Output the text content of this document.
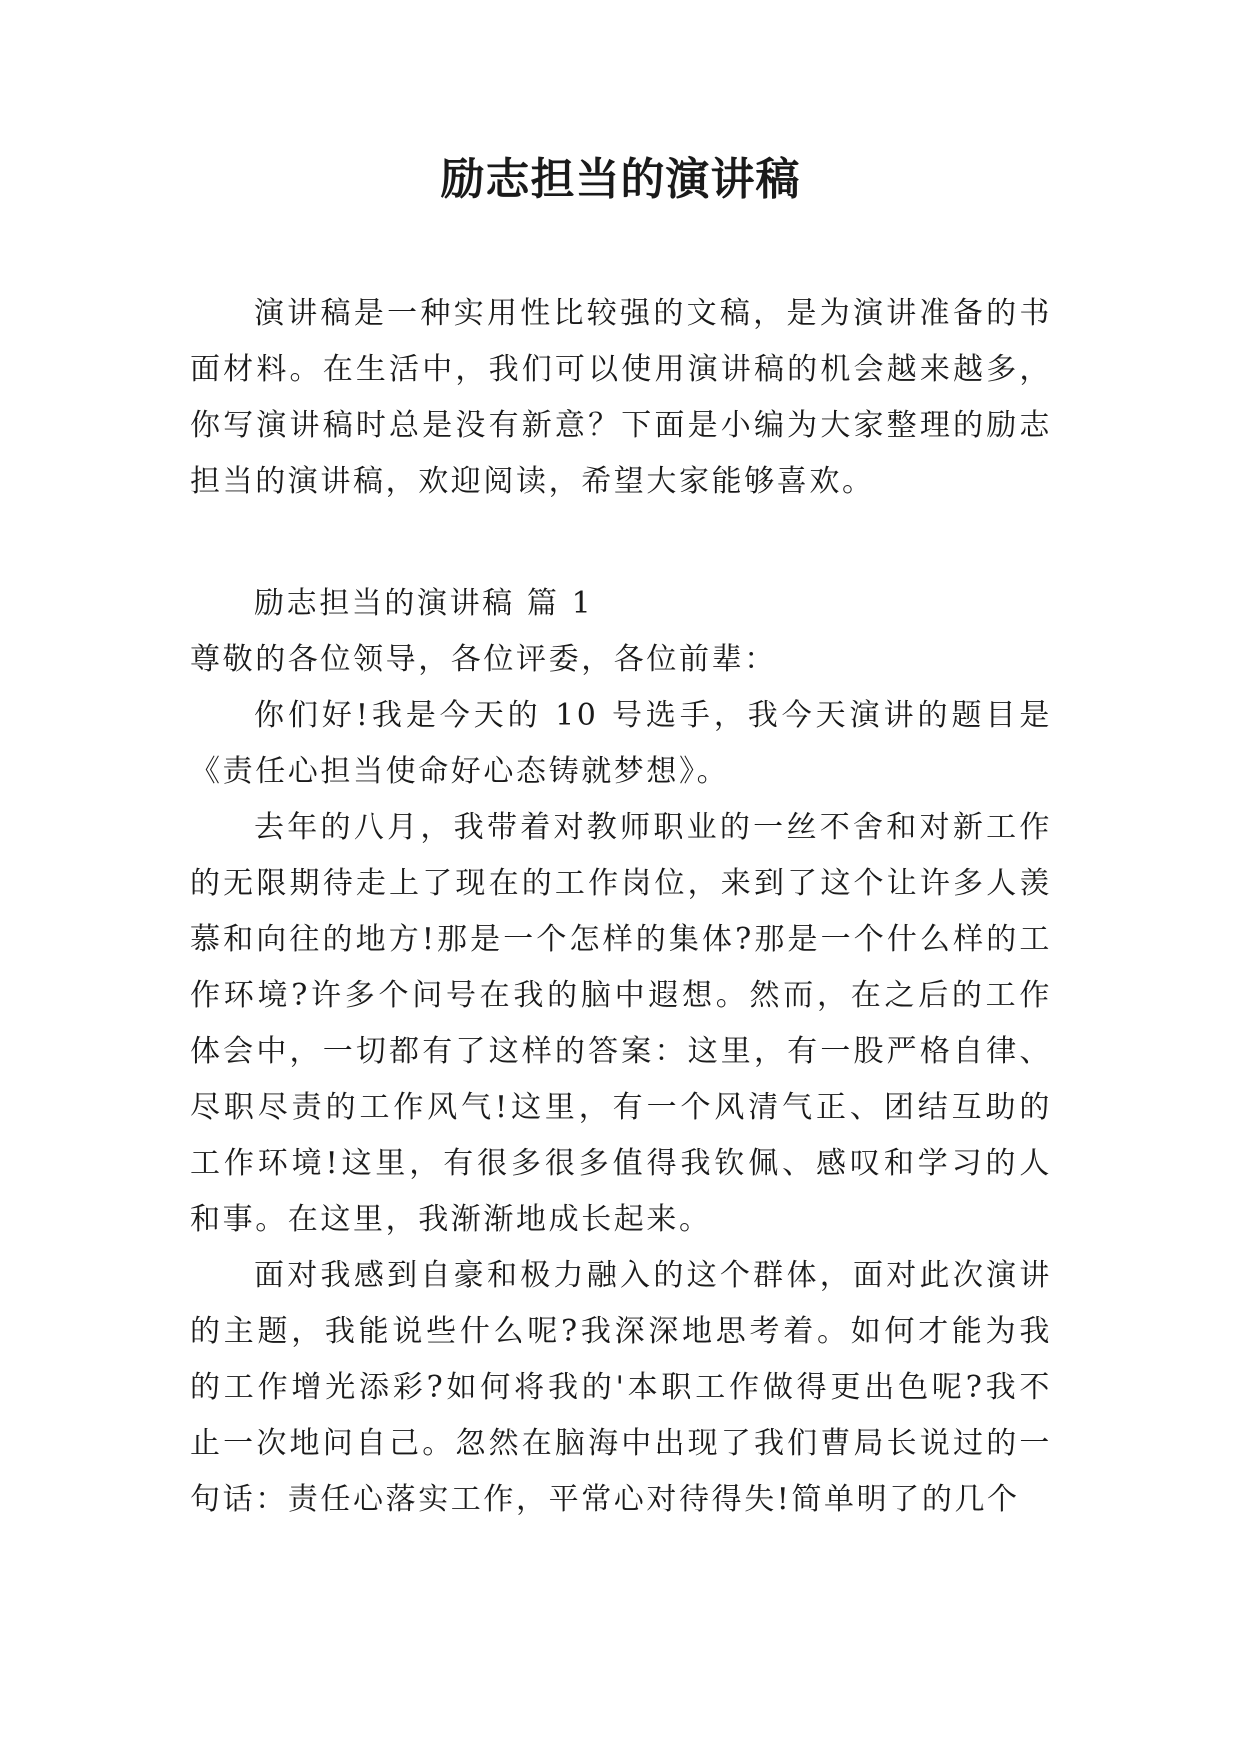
励志担当的演讲稿

演讲稿是一种实用性比较强的文稿，是为演讲准备的书面材料。在生活中，我们可以使用演讲稿的机会越来越多，你写演讲稿时总是没有新意？下面是小编为大家整理的励志担当的演讲稿，欢迎阅读，希望大家能够喜欢。

励志担当的演讲稿 篇 1

尊敬的各位领导，各位评委，各位前辈：

你们好!我是今天的 10 号选手，我今天演讲的题目是《责任心担当使命好心态铸就梦想》。

去年的八月，我带着对教师职业的一丝不舍和对新工作的无限期待走上了现在的工作岗位，来到了这个让许多人羡慕和向往的地方!那是一个怎样的集体?那是一个什么样的工作环境?许多个问号在我的脑中遐想。然而，在之后的工作体会中，一切都有了这样的答案：这里，有一股严格自律、尽职尽责的工作风气!这里，有一个风清气正、团结互助的工作环境!这里，有很多很多值得我钦佩、感叹和学习的人和事。在这里，我渐渐地成长起来。

面对我感到自豪和极力融入的这个群体，面对此次演讲的主题，我能说些什么呢?我深深地思考着。如何才能为我的工作增光添彩?如何将我的'本职工作做得更出色呢?我不止一次地问自己。忽然在脑海中出现了我们曹局长说过的一句话：责任心落实工作，平常心对待得失!简单明了的几个
